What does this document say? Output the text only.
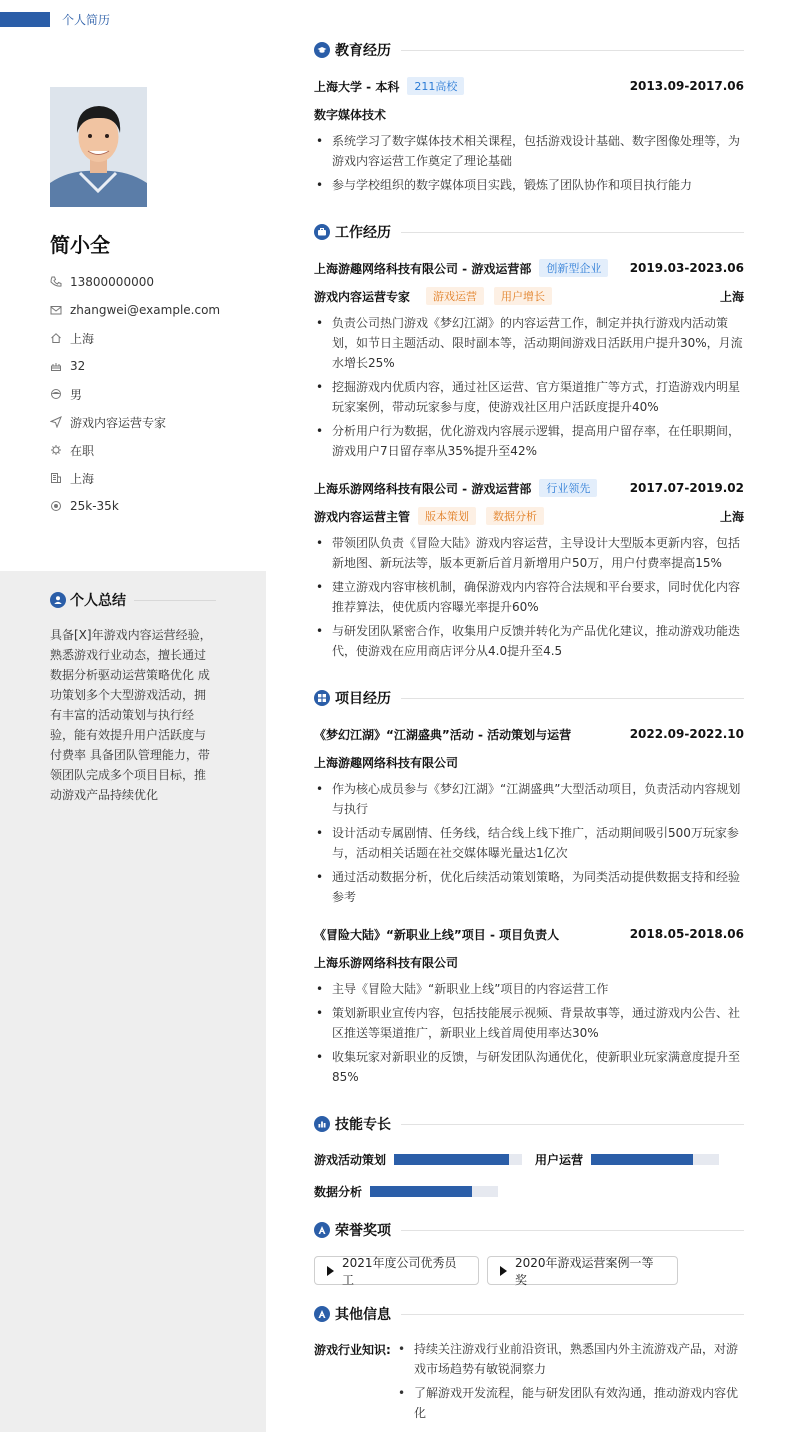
个人简历
简小全
13800000000
zhangwei@example.com
上海
32
男
游戏内容运营专家
在职
上海
25k-35k
个人总结
具备[X]年游戏内容运营经验，熟悉游戏行业动态，擅长通过数据分析驱动运营策略优化 成功策划多个大型游戏活动，拥有丰富的活动策划与执行经验，能有效提升用户活跃度与付费率 具备团队管理能力，带领团队完成多个项目目标，推动游戏产品持续优化
教育经历
上海大学 - 本科	211高校	2013.09-2017.06
数字媒体技术
• 系统学习了数字媒体技术相关课程，包括游戏设计基础、数字图像处理等，为游戏内容运营工作奠定了理论基础
• 参与学校组织的数字媒体项目实践，锻炼了团队协作和项目执行能力
工作经历
上海游趣网络科技有限公司 - 游戏运营部	创新型企业	2019.03-2023.06
游戏内容运营专家	游戏运营	用户增长	上海
• 负责公司热门游戏《梦幻江湖》的内容运营工作，制定并执行游戏内活动策划，如节日主题活动、限时副本等，活动期间游戏日活跃用户提升30%，月流水增长25%
• 挖掘游戏内优质内容，通过社区运营、官方渠道推广等方式，打造游戏内明星玩家案例，带动玩家参与度，使游戏社区用户活跃度提升40%
• 分析用户行为数据，优化游戏内容展示逻辑，提高用户留存率，在任职期间，游戏用户7日留存率从35%提升至42%
上海乐游网络科技有限公司 - 游戏运营部	行业领先	2017.07-2019.02
游戏内容运营主管	版本策划	数据分析	上海
• 带领团队负责《冒险大陆》游戏内容运营，主导设计大型版本更新内容，包括新地图、新玩法等，版本更新后首月新增用户50万，用户付费率提高15%
• 建立游戏内容审核机制，确保游戏内内容符合法规和平台要求，同时优化内容推荐算法，使优质内容曝光率提升60%
• 与研发团队紧密合作，收集用户反馈并转化为产品优化建议，推动游戏功能迭代，使游戏在应用商店评分从4.0提升至4.5
项目经历
《梦幻江湖》“江湖盛典”活动 - 活动策划与运营	2022.09-2022.10
上海游趣网络科技有限公司
• 作为核心成员参与《梦幻江湖》“江湖盛典”大型活动项目，负责活动内容规划与执行
• 设计活动专属剧情、任务线，结合线上线下推广，活动期间吸引500万玩家参与，活动相关话题在社交媒体曝光量达1亿次
• 通过活动数据分析，优化后续活动策划策略，为同类活动提供数据支持和经验参考
《冒险大陆》“新职业上线”项目 - 项目负责人	2018.05-2018.06
上海乐游网络科技有限公司
• 主导《冒险大陆》“新职业上线”项目的内容运营工作
• 策划新职业宣传内容，包括技能展示视频、背景故事等，通过游戏内公告、社区推送等渠道推广，新职业上线首周使用率达30%
• 收集玩家对新职业的反馈，与研发团队沟通优化，使新职业玩家满意度提升至85%
技能专长
游戏活动策划	用户运营
数据分析
荣誉奖项
2021年度公司优秀员工
2020年游戏运营案例一等奖
其他信息
游戏行业知识:
•	持续关注游戏行业前沿资讯，熟悉国内外主流游戏产品，对游戏市场趋势有敏锐洞察力
• 了解游戏开发流程，能与研发团队有效沟通，推动游戏内容优化
